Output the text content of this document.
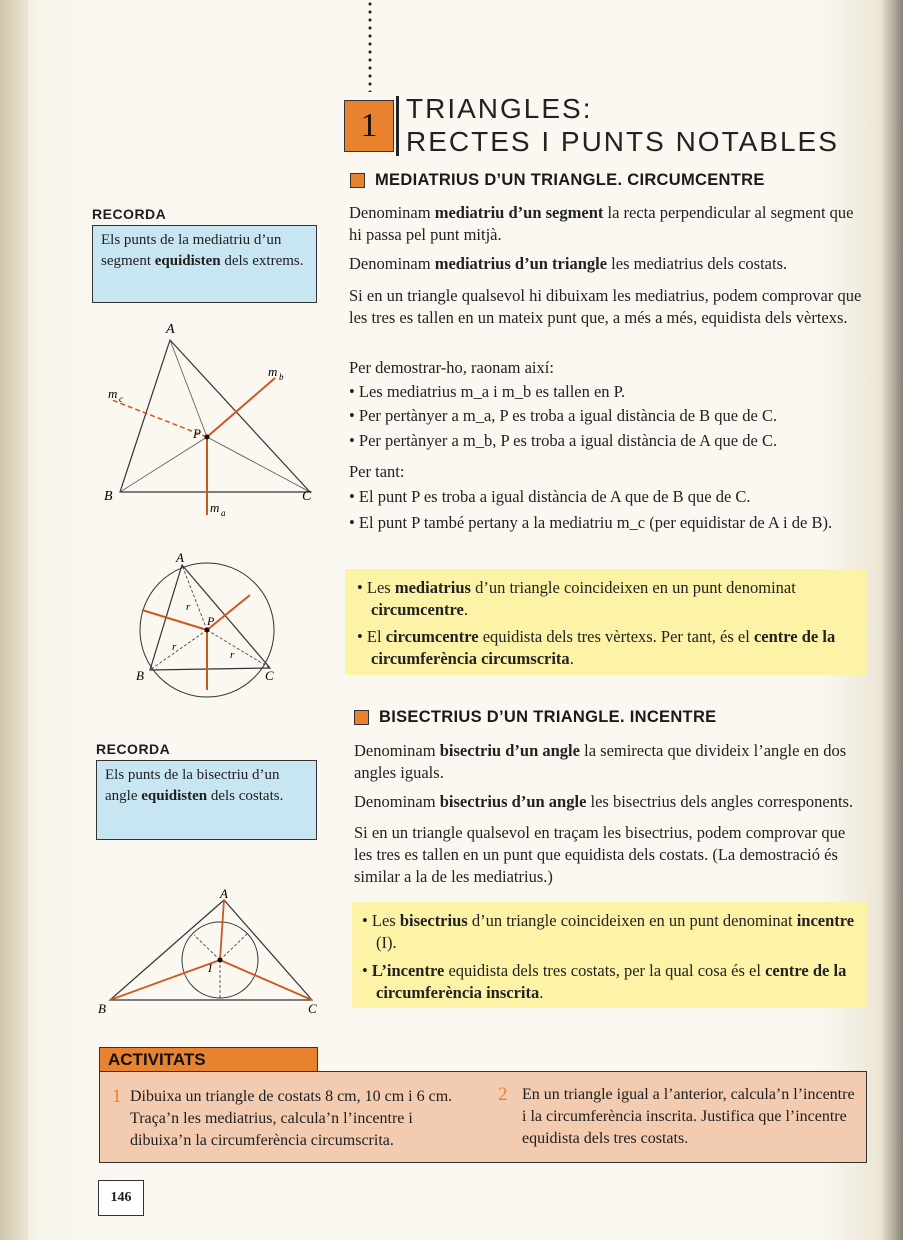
1	TRIANGLES:
RECTES I PUNTS NOTABLES
MEDIATRIUS D’UN TRIANGLE. CIRCUMCENTRE
Denominam mediatriu d’un segment la recta perpendicular al segment que hi passa pel punt mitjà.
Denominam mediatrius d’un triangle les mediatrius dels costats.
Si en un triangle qualsevol hi dibuixam les mediatrius, podem comprovar que les tres es tallen en un mateix punt que, a més a més, equidista dels vèrtexs.
Per demostrar-ho, raonam així:
• Les mediatrius m_a i m_b es tallen en P.
• Per pertànyer a m_a, P es troba a igual distància de B que de C.
• Per pertànyer a m_b, P es troba a igual distància de A que de C.
Per tant:
• El punt P es troba a igual distància de A que de B que de C.
• El punt P també pertany a la mediatriu m_c (per equidistar de A i de B).
• Les mediatrius d’un triangle coincideixen en un punt denominat circumcentre.
• El circumcentre equidista dels tres vèrtexs. Per tant, és el centre de la circumferència circumscrita.
BISECTRIUS D’UN TRIANGLE. INCENTRE
Denominam bisectriu d’un angle la semirecta que divideix l’angle en dos angles iguals.
Denominam bisectrius d’un angle les bisectrius dels angles corresponents.
Si en un triangle qualsevol en traçam les bisectrius, podem comprovar que les tres es tallen en un punt que equidista dels costats. (La demostració és similar a la de les mediatrius.)
• Les bisectrius d’un triangle coincideixen en un punt denominat incentre (I).
• L’incentre equidista dels tres costats, per la qual cosa és el centre de la circumferència inscrita.
RECORDA
Els punts de la mediatriu d’un segment equidisten dels extrems.
RECORDA
Els punts de la bisectriu d’un angle equidisten dels costats.
A
B	C
P
m a
m b
m c
A
B	C
P
r
r
r
A
B	C
I
ACTIVITATS
1 Dibuixa un triangle de costats 8 cm, 10 cm i 6 cm. Traça’n les mediatrius, calcula’n l’incentre i dibuixa’n la circumferència circumscrita.
2 En un triangle igual a l’anterior, calcula’n l’incentre i la circumferència inscrita. Justifica que l’incentre equidista dels tres costats.
146
